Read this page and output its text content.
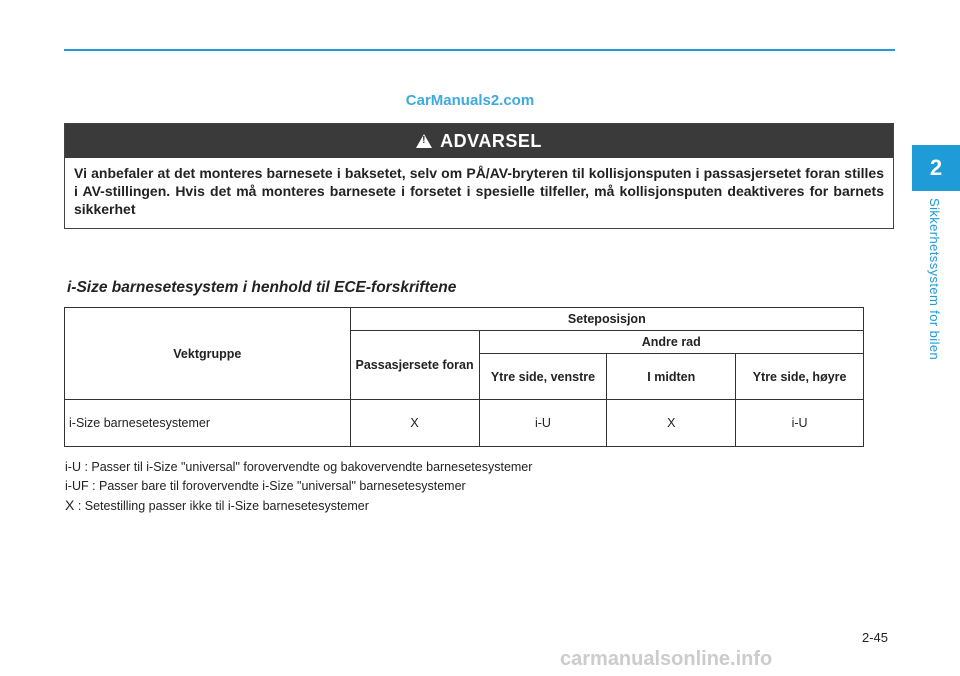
CarManuals2.com
2
Sikkerhetssystem for bilen
!
ADVARSEL
Vi anbefaler at det monteres barnesete i baksetet, selv om PÅ/AV-bryteren til kollisjonsputen i passasjersetet foran stilles i AV-stillingen. Hvis det må monteres barnesete i forsetet i spesielle tilfeller, må kollisjonsputen deaktiveres for barnets sikkerhet
i-Size barnesetesystem i henhold til ECE-forskriftene
Vektgruppe	Seteposisjon			
	Passasjersete foran	Andre rad		
		Ytre side, venstre	I midten	Ytre side, høyre
i-Size barnesetesystemer	X	i-U	X	i-U
i-U : Passer til i-Size "universal" forovervendte og bakovervendte barnesetesystemer
i-UF : Passer bare til forovervendte i-Size "universal" barnesetesystemer
X : Setestilling passer ikke til i-Size barnesetesystemer
2-45
carmanualsonline.info
